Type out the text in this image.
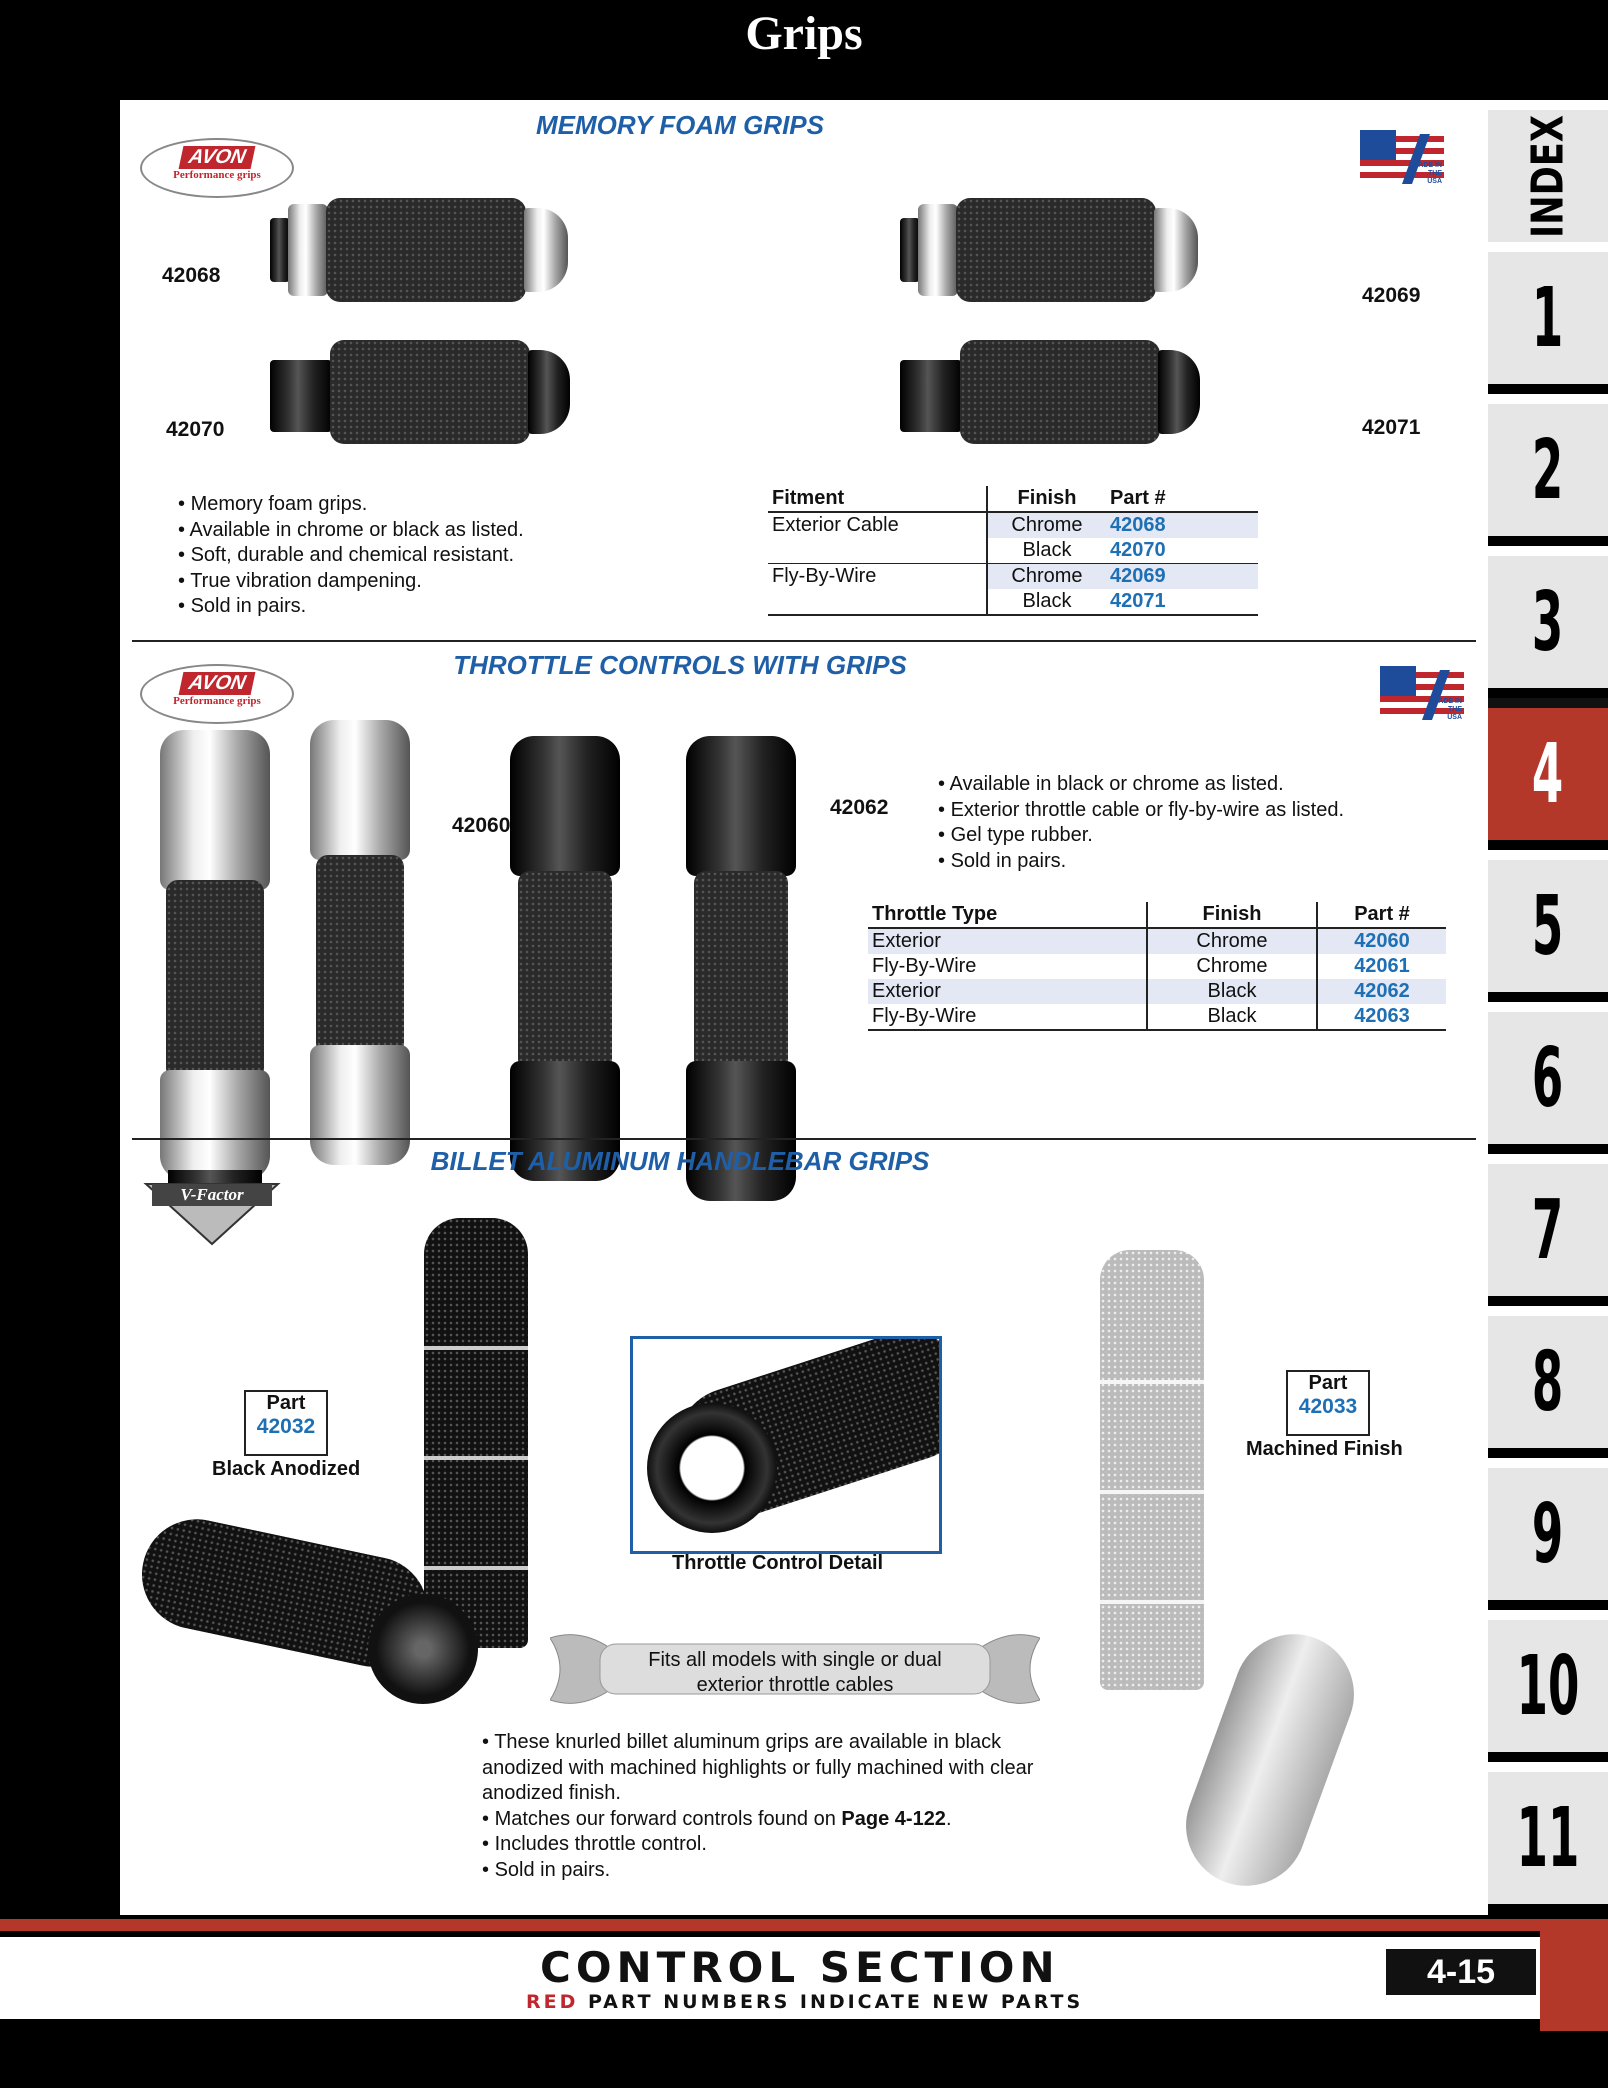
Grips
AVON
Performance grips
MEMORY FOAM GRIPS
MADE IN THE USA
42068
42069
42070	42071
• Memory foam grips.
• Available in chrome or black as listed.
• Soft, durable and chemical resistant.
• True vibration dampening.
• Sold in pairs.
Fitment	Finish	Part #
Exterior Cable	Chrome	42068
	Black	42070
Fly-By-Wire	Chrome	42069
	Black	42071
AVON
Performance grips
THROTTLE CONTROLS WITH GRIPS
MADE IN THE USA
42060
42062
• Available in black or chrome as listed.
• Exterior throttle cable or fly-by-wire as listed.
• Gel type rubber.
• Sold in pairs.
Throttle Type	Finish	Part #
Exterior	Chrome	42060
Fly-By-Wire	Chrome	42061
Exterior	Black	42062
Fly-By-Wire	Black	42063
V-Factor
BILLET ALUMINUM HANDLEBAR GRIPS
Part
42032
Black Anodized
Throttle Control Detail
Fits all models with single or dual exterior throttle cables
• These knurled billet aluminum grips are available in black anodized with machined highlights or fully machined with clear anodized finish.
• Matches our forward controls found on Page 4-122.
• Includes throttle control.
• Sold in pairs.
Part
42033
Machined Finish
INDEX
1
2
3
4
5
6
7
8
9
10
11
CONTROL SECTION
RED PART NUMBERS INDICATE NEW PARTS
4-15
